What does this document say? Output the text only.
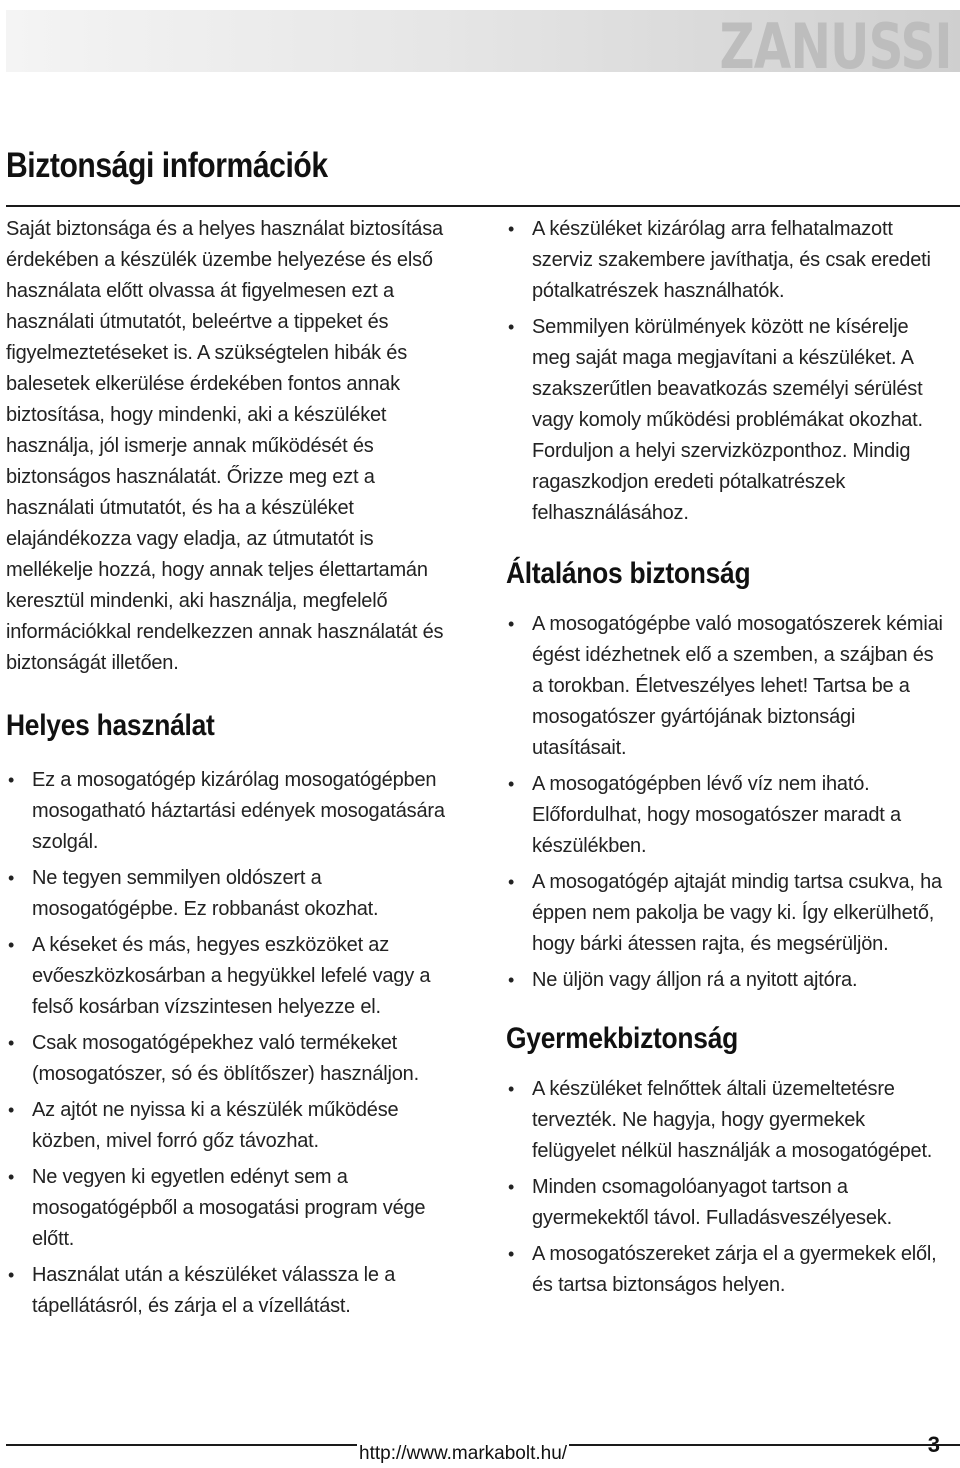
ZANUSSI
Biztonsági információk

Saját biztonsága és a helyes használat biztosítása érdekében a készülék üzembe helyezése és első használata előtt olvassa át figyelmesen ezt a használati útmutatót, beleértve a tippeket és figyelmeztetéseket is. A szükségtelen hibák és balesetek elkerülése érdekében fontos annak biztosítása, hogy mindenki, aki a készüléket használja, jól ismerje annak működését és biztonságos használatát. Őrizze meg ezt a használati útmutatót, és ha a készüléket elajándékozza vagy eladja, az útmutatót is mellékelje hozzá, hogy annak teljes élettartamán keresztül mindenki, aki használja, megfelelő információkkal rendelkezzen annak használatát és biztonságát illetően.

Helyes használat
• Ez a mosogatógép kizárólag mosogatógépben mosogatható háztartási edények mosogatására szolgál.
• Ne tegyen semmilyen oldószert a mosogatógépbe. Ez robbanást okozhat.
• A késeket és más, hegyes eszközöket az evőeszközkosárban a hegyükkel lefelé vagy a felső kosárban vízszintesen helyezze el.
• Csak mosogatógépekhez való termékeket (mosogatószer, só és öblítőszer) használjon.
• Az ajtót ne nyissa ki a készülék működése közben, mivel forró gőz távozhat.
• Ne vegyen ki egyetlen edényt sem a mosogatógépből a mosogatási program vége előtt.
• Használat után a készüléket válassza le a tápellátásról, és zárja el a vízellátást.
• A készüléket kizárólag arra felhatalmazott szerviz szakembere javíthatja, és csak eredeti pótalkatrészek használhatók.
• Semmilyen körülmények között ne kísérelje meg saját maga megjavítani a készüléket. A szakszerűtlen beavatkozás személyi sérülést vagy komoly működési problémákat okozhat. Forduljon a helyi szervizközponthoz. Mindig ragaszkodjon eredeti pótalkatrészek felhasználásához.
Általános biztonság
• A mosogatógépbe való mosogatószerek kémiai égést idézhetnek elő a szemben, a szájban és a torokban. Életveszélyes lehet! Tartsa be a mosogatószer gyártójának biztonsági utasításait.
• A mosogatógépben lévő víz nem iható. Előfordulhat, hogy mosogatószer maradt a készülékben.
• A mosogatógép ajtaját mindig tartsa csukva, ha éppen nem pakolja be vagy ki. Így elkerülhető, hogy bárki átessen rajta, és megsérüljön.
• Ne üljön vagy álljon rá a nyitott ajtóra.
Gyermekbiztonság
• A készüléket felnőttek általi üzemeltetésre tervezték. Ne hagyja, hogy gyermekek felügyelet nélkül használják a mosogatógépet.
• Minden csomagolóanyagot tartson a gyermekektől távol. Fulladásveszélyesek.
• A mosogatószereket zárja el a gyermekek elől, és tartsa biztonságos helyen.
http://www.markabolt.hu/	3
